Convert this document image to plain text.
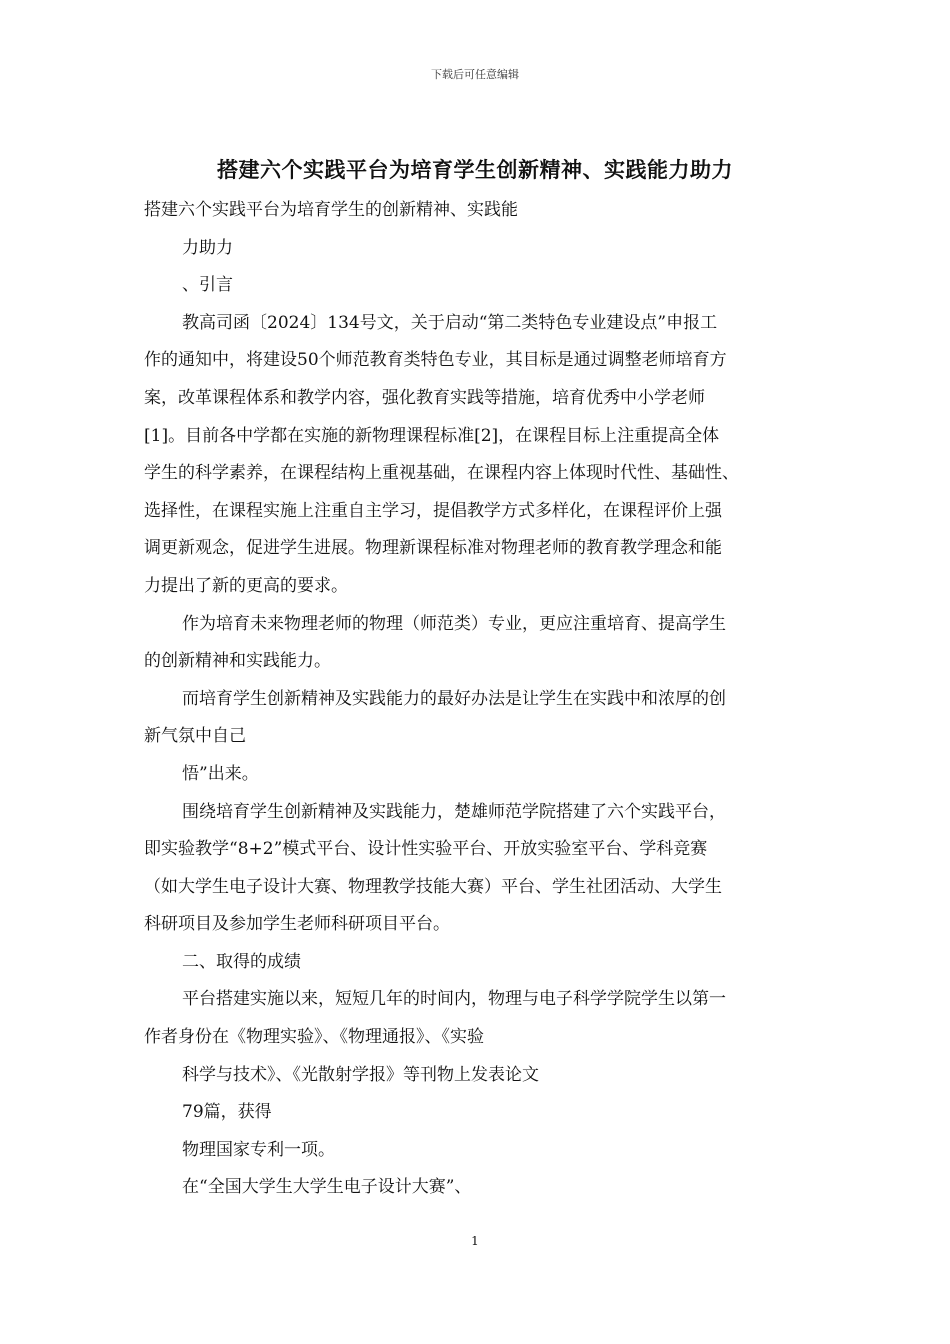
下载后可任意编辑
搭建六个实践平台为培育学生创新精神、实践能力助力

搭建六个实践平台为培育学生的创新精神、实践能

力助力

、引言

教高司函〔2024〕134号文，关于启动“第二类特色专业建设点”申报工

作的通知中，将建设50个师范教育类特色专业，其目标是通过调整老师培育方

案，改革课程体系和教学内容，强化教育实践等措施，培育优秀中小学老师

[1]。目前各中学都在实施的新物理课程标准[2]，在课程目标上注重提高全体

学生的科学素养，在课程结构上重视基础，在课程内容上体现时代性、基础性、

选择性，在课程实施上注重自主学习，提倡教学方式多样化，在课程评价上强

调更新观念，促进学生进展。物理新课程标准对物理老师的教育教学理念和能

力提出了新的更高的要求。

作为培育未来物理老师的物理（师范类）专业，更应注重培育、提高学生

的创新精神和实践能力。

而培育学生创新精神及实践能力的最好办法是让学生在实践中和浓厚的创

新气氛中自己

悟”出来。

围绕培育学生创新精神及实践能力，楚雄师范学院搭建了六个实践平台，

即实验教学“8+2”模式平台、设计性实验平台、开放实验室平台、学科竞赛

（如大学生电子设计大赛、物理教学技能大赛）平台、学生社团活动、大学生

科研项目及参加学生老师科研项目平台。

二、取得的成绩

平台搭建实施以来，短短几年的时间内，物理与电子科学学院学生以第一

作者身份在《物理实验》、《物理通报》、《实验

科学与技术》、《光散射学报》等刊物上发表论文

79篇，获得

物理国家专利一项。

在“全国大学生大学生电子设计大赛”、

1
